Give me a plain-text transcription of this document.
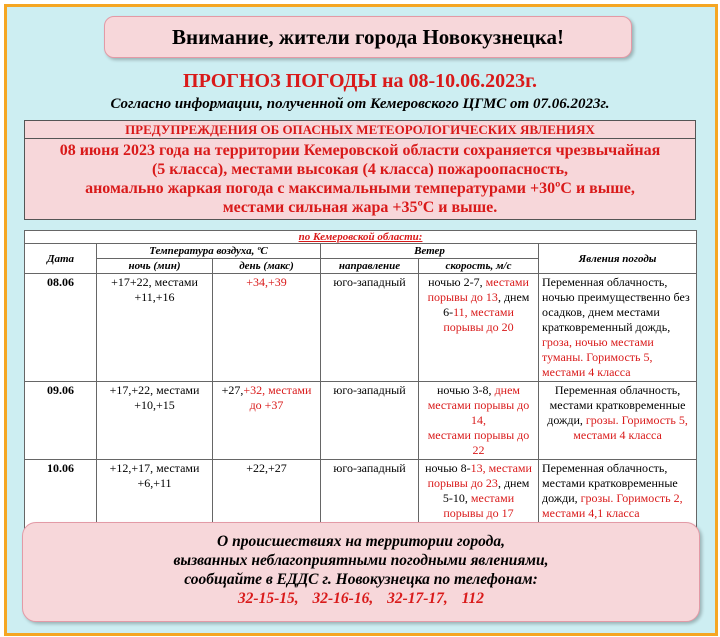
Внимание, жители города Новокузнецка!
ПРОГНОЗ ПОГОДЫ на 08-10.06.2023г.
Согласно информации, полученной от Кемеровского ЦГМС от 07.06.2023г.
ПРЕДУПРЕЖДЕНИЯ ОБ ОПАСНЫХ МЕТЕОРОЛОГИЧЕСКИХ ЯВЛЕНИЯХ
08 июня 2023 года на территории Кемеровской области сохраняется чрезвычайная
(5 класса), местами высокая (4 класса) пожароопасность,
аномально жаркая погода с максимальными температурами +30ºС и выше,
местами сильная жара +35ºС и выше.
по Кемеровской области:					
Дата	Температура воздуха, ºС		Ветер		Явления погоды
	ночь (мин)	день (макс)	направление	скорость, м/с	
08.06	+17+22, местами +11,+16	+34,+39	юго-западный	ночью 2-7, местами порывы до 13, днем 6-11, местами порывы до 20	Переменная облачность, ночью преимущественно без осадков, днем местами кратковременный дождь, гроза, ночью местами туманы. Горимость 5, местами 4 класса
09.06	+17,+22, местами +10,+15	+27,+32, местами до +37	юго-западный	ночью 3-8, днем местами порывы до 14,
местами порывы до 22	Переменная облачность, местами кратковременные дожди, грозы. Горимость 5, местами 4 класса
10.06	+12,+17, местами +6,+11	+22,+27	юго-западный	ночью 8-13, местами порывы до 23, днем 5-10, местами порывы до 17	Переменная облачность, местами кратковременные дожди, грозы. Горимость 2, местами 4,1 класса
О происшествиях на территории города,
вызванных неблагоприятными погодными явлениями,
сообщайте в ЕДДС г. Новокузнецка по телефонам:
32-15-15, 32-16-16, 32-17-17, 112
